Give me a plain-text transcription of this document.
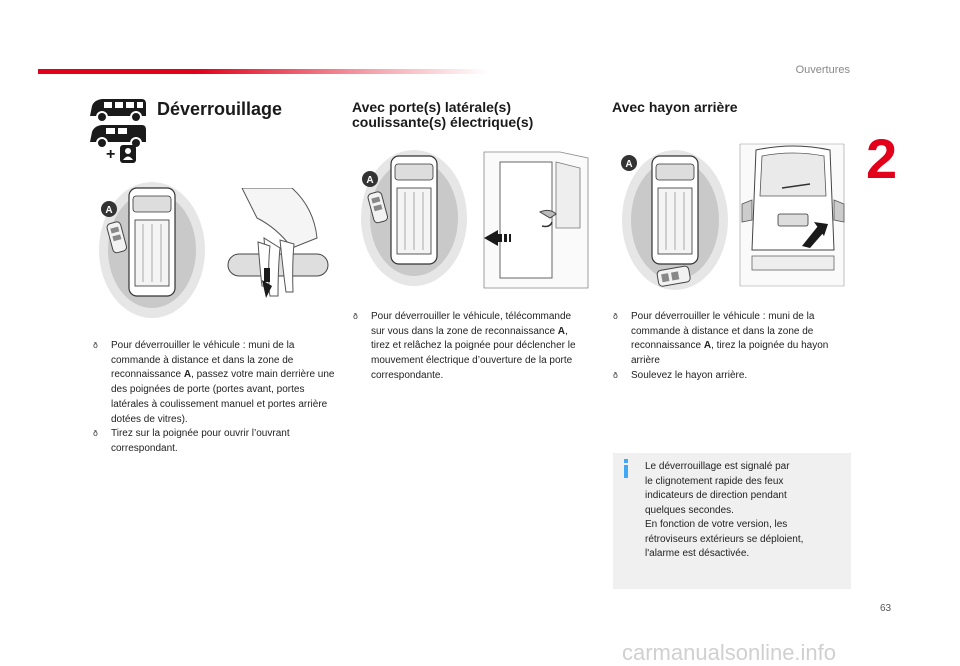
Ouvertures
2
+
Déverrouillage
A

ð Pour déverrouiller le véhicule : muni de la commande à distance et dans la zone de reconnaissance A, passez votre main derrière une des poignées de porte (portes avant, portes latérales à coulissement manuel et portes arrière dotées de vitres).

ð Tirez sur la poignée pour ouvrir l’ouvrant correspondant.

Avec porte(s) latérale(s)
coulissante(s) électrique(s)
A

ð Pour déverrouiller le véhicule, télécommande sur vous dans la zone de reconnaissance A, tirez et relâchez la poignée pour déclencher le mouvement électrique d’ouverture de la porte correspondante.

Avec hayon arrière
A

ð Pour déverrouiller le véhicule : muni de la commande à distance et dans la zone de reconnaissance A, tirez la poignée du hayon arrière

ð Soulevez le hayon arrière.

Le déverrouillage est signalé par
le clignotement rapide des feux
indicateurs de direction pendant
quelques secondes.
En fonction de votre version, les
rétroviseurs extérieurs se déploient,
l'alarme est désactivée.
63
carmanualsonline.info
